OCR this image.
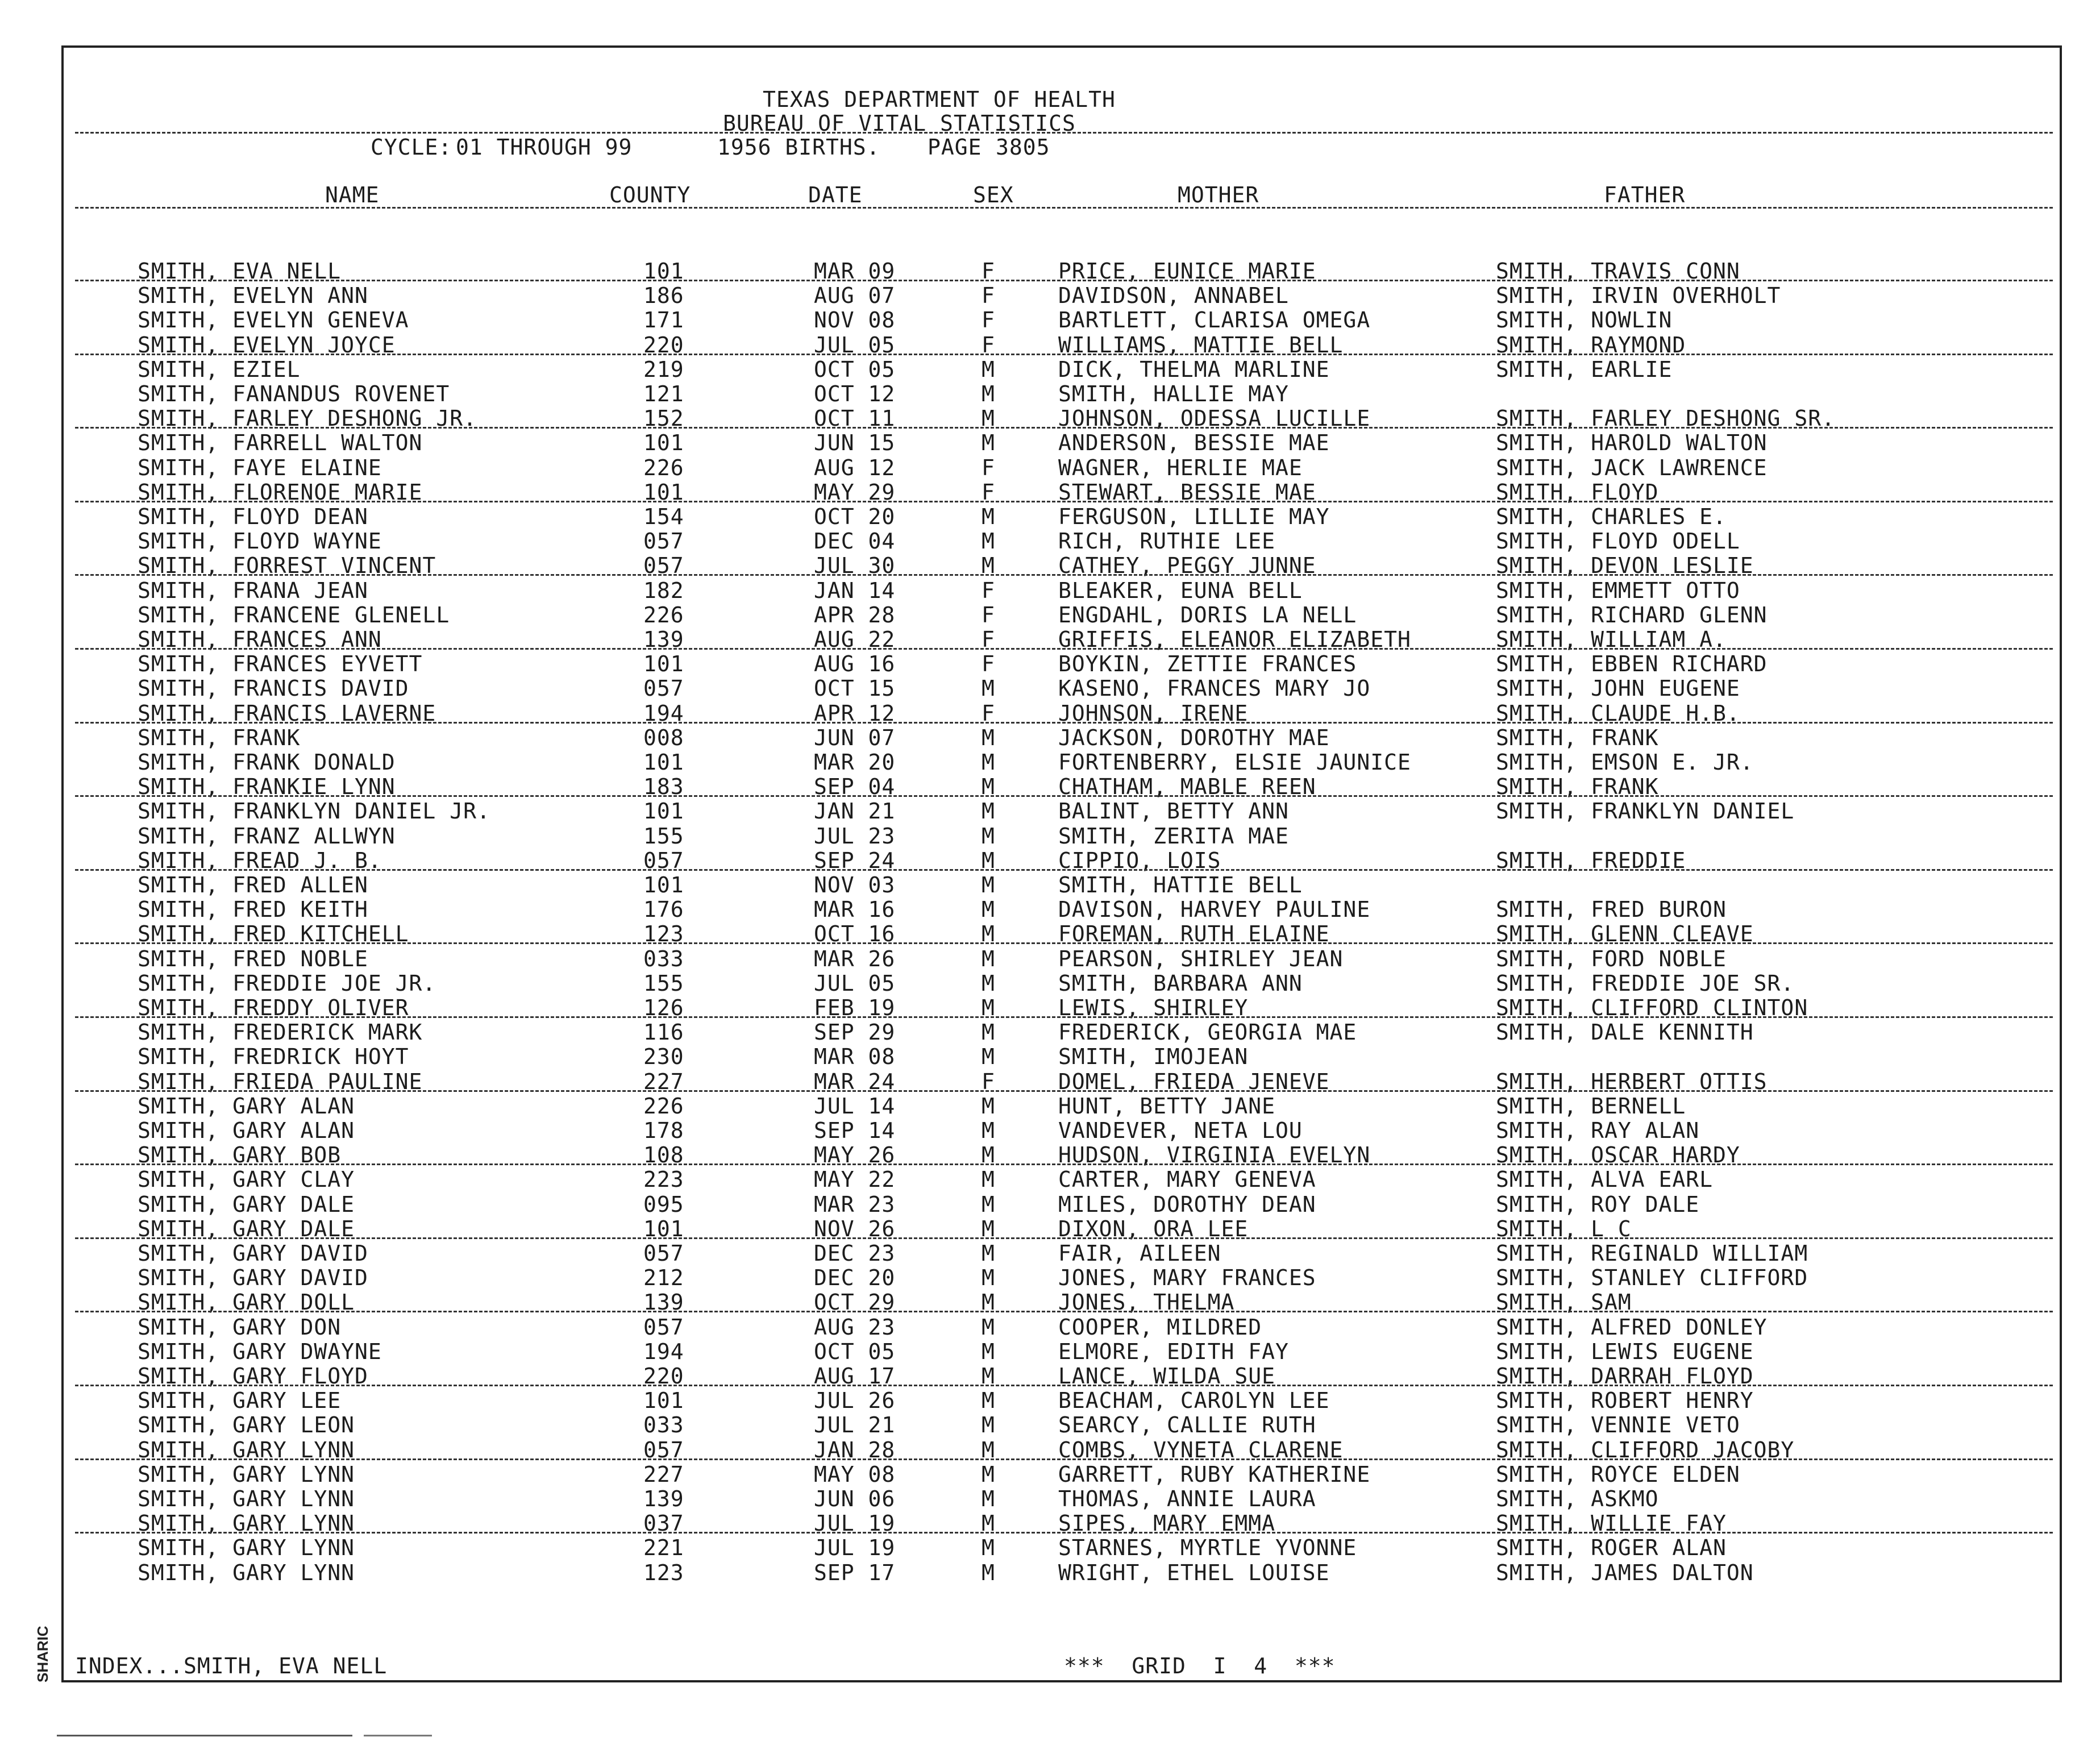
TEXAS DEPARTMENT OF HEALTH
BUREAU OF VITAL STATISTICS
CYCLE: 01 THROUGH 99	1956 BIRTHS. PAGE 3805
NAME	COUNTY	DATE	SEX	MOTHER	FATHER
SMITH, EVA NELL	101	MAR 09	F	PRICE, EUNICE MARIE	SMITH, TRAVIS CONN
SMITH, EVELYN ANN	186	AUG 07	F	DAVIDSON, ANNABEL	SMITH, IRVIN OVERHOLT
SMITH, EVELYN GENEVA	171	NOV 08	F	BARTLETT, CLARISA OMEGA	SMITH, NOWLIN
SMITH, EVELYN JOYCE	220	JUL 05	F	WILLIAMS, MATTIE BELL	SMITH, RAYMOND
SMITH, EZIEL	219	OCT 05	M	DICK, THELMA MARLINE	SMITH, EARLIE
SMITH, FANANDUS ROVENET	121	OCT 12	M	SMITH, HALLIE MAY
SMITH, FARLEY DESHONG JR.	152	OCT 11	M	JOHNSON, ODESSA LUCILLE	SMITH, FARLEY DESHONG SR.
SMITH, FARRELL WALTON	101	JUN 15	M	ANDERSON, BESSIE MAE	SMITH, HAROLD WALTON
SMITH, FAYE ELAINE	226	AUG 12	F	WAGNER, HERLIE MAE	SMITH, JACK LAWRENCE
SMITH, FLORENOE MARIE	101	MAY 29	F	STEWART, BESSIE MAE	SMITH, FLOYD
SMITH, FLOYD DEAN	154	OCT 20	M	FERGUSON, LILLIE MAY	SMITH, CHARLES E.
SMITH, FLOYD WAYNE	057	DEC 04	M	RICH, RUTHIE LEE	SMITH, FLOYD ODELL
SMITH, FORREST VINCENT	057	JUL 30	M	CATHEY, PEGGY JUNNE	SMITH, DEVON LESLIE
SMITH, FRANA JEAN	182	JAN 14	F	BLEAKER, EUNA BELL	SMITH, EMMETT OTTO
SMITH, FRANCENE GLENELL	226	APR 28	F	ENGDAHL, DORIS LA NELL	SMITH, RICHARD GLENN
SMITH, FRANCES ANN	139	AUG 22	F	GRIFFIS, ELEANOR ELIZABETH	SMITH, WILLIAM A.
SMITH, FRANCES EYVETT	101	AUG 16	F	BOYKIN, ZETTIE FRANCES	SMITH, EBBEN RICHARD
SMITH, FRANCIS DAVID	057	OCT 15	M	KASENO, FRANCES MARY JO	SMITH, JOHN EUGENE
SMITH, FRANCIS LAVERNE	194	APR 12	F	JOHNSON, IRENE	SMITH, CLAUDE H.B.
SMITH, FRANK	008	JUN 07	M	JACKSON, DOROTHY MAE	SMITH, FRANK
SMITH, FRANK DONALD	101	MAR 20	M	FORTENBERRY, ELSIE JAUNICE	SMITH, EMSON E. JR.
SMITH, FRANKIE LYNN	183	SEP 04	M	CHATHAM, MABLE REEN	SMITH, FRANK
SMITH, FRANKLYN DANIEL JR.	101	JAN 21	M	BALINT, BETTY ANN	SMITH, FRANKLYN DANIEL
SMITH, FRANZ ALLWYN	155	JUL 23	M	SMITH, ZERITA MAE
SMITH, FREAD J. B.	057	SEP 24	M	CIPPIO, LOIS	SMITH, FREDDIE
SMITH, FRED ALLEN	101	NOV 03	M	SMITH, HATTIE BELL
SMITH, FRED KEITH	176	MAR 16	M	DAVISON, HARVEY PAULINE	SMITH, FRED BURON
SMITH, FRED KITCHELL	123	OCT 16	M	FOREMAN, RUTH ELAINE	SMITH, GLENN CLEAVE
SMITH, FRED NOBLE	033	MAR 26	M	PEARSON, SHIRLEY JEAN	SMITH, FORD NOBLE
SMITH, FREDDIE JOE JR.	155	JUL 05	M	SMITH, BARBARA ANN	SMITH, FREDDIE JOE SR.
SMITH, FREDDY OLIVER	126	FEB 19	M	LEWIS, SHIRLEY	SMITH, CLIFFORD CLINTON
SMITH, FREDERICK MARK	116	SEP 29	M	FREDERICK, GEORGIA MAE	SMITH, DALE KENNITH
SMITH, FREDRICK HOYT	230	MAR 08	M	SMITH, IMOJEAN
SMITH, FRIEDA PAULINE	227	MAR 24	F	DOMEL, FRIEDA JENEVE	SMITH, HERBERT OTTIS
SMITH, GARY ALAN	226	JUL 14	M	HUNT, BETTY JANE	SMITH, BERNELL
SMITH, GARY ALAN	178	SEP 14	M	VANDEVER, NETA LOU	SMITH, RAY ALAN
SMITH, GARY BOB	108	MAY 26	M	HUDSON, VIRGINIA EVELYN	SMITH, OSCAR HARDY
SMITH, GARY CLAY	223	MAY 22	M	CARTER, MARY GENEVA	SMITH, ALVA EARL
SMITH, GARY DALE	095	MAR 23	M	MILES, DOROTHY DEAN	SMITH, ROY DALE
SMITH, GARY DALE	101	NOV 26	M	DIXON, ORA LEE	SMITH, L C
SMITH, GARY DAVID	057	DEC 23	M	FAIR, AILEEN	SMITH, REGINALD WILLIAM
SMITH, GARY DAVID	212	DEC 20	M	JONES, MARY FRANCES	SMITH, STANLEY CLIFFORD
SMITH, GARY DOLL	139	OCT 29	M	JONES, THELMA	SMITH, SAM
SMITH, GARY DON	057	AUG 23	M	COOPER, MILDRED	SMITH, ALFRED DONLEY
SMITH, GARY DWAYNE	194	OCT 05	M	ELMORE, EDITH FAY	SMITH, LEWIS EUGENE
SMITH, GARY FLOYD	220	AUG 17	M	LANCE, WILDA SUE	SMITH, DARRAH FLOYD
SMITH, GARY LEE	101	JUL 26	M	BEACHAM, CAROLYN LEE	SMITH, ROBERT HENRY
SMITH, GARY LEON	033	JUL 21	M	SEARCY, CALLIE RUTH	SMITH, VENNIE VETO
SMITH, GARY LYNN	057	JAN 28	M	COMBS, VYNETA CLARENE	SMITH, CLIFFORD JACOBY
SMITH, GARY LYNN	227	MAY 08	M	GARRETT, RUBY KATHERINE	SMITH, ROYCE ELDEN
SMITH, GARY LYNN	139	JUN 06	M	THOMAS, ANNIE LAURA	SMITH, ASKMO
SMITH, GARY LYNN	037	JUL 19	M	SIPES, MARY EMMA	SMITH, WILLIE FAY
SMITH, GARY LYNN	221	JUL 19	M	STARNES, MYRTLE YVONNE	SMITH, ROGER ALAN
SMITH, GARY LYNN	123	SEP 17	M	WRIGHT, ETHEL LOUISE	SMITH, JAMES DALTON
INDEX...SMITH, EVA NELL	***  GRID  I  4  ***
SHARIC
